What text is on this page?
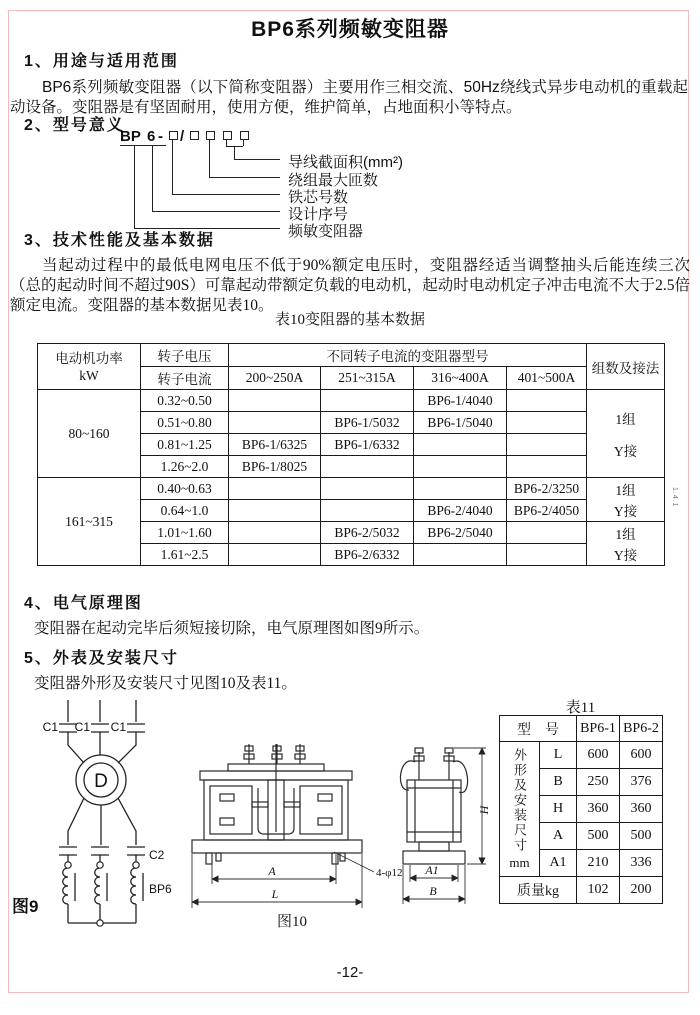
BP6系列频敏变阻器
1、用途与适用范围

BP6系列频敏变阻器（以下简称变阻器）主要用作三相交流、50Hz绕线式异步电动机的重载起动设备。变阻器是有坚固耐用，使用方便，维护简单，占地面积小等特点。

2、型号意义
BP 6 - /
导线截面积(mm²)
绕组最大匝数
铁芯号数
设计序号
频敏变阻器
3、技术性能及基本数据

当起动过程中的最低电网电压不低于90%额定电压时，变阻器经适当调整抽头后能连续三次（总的起动时间不超过90S）可靠起动带额定负载的电动机，起动时电动机定子冲击电流不大于2.5倍额定电流。变阻器的基本数据见表10。

表10变阻器的基本数据
电动机功率
kW	转子电压	不同转子电流的变阻器型号				组数及接法
	转子电流	200~250A	251~315A	316~400A	401~500A	
80~160	0.32~0.50			BP6-1/4040		1组
Y接

	0.51~0.80		BP6-1/5032	BP6-1/5040		
	0.81~1.25	BP6-1/6325	BP6-1/6332			
	1.26~2.0	BP6-1/8025				
161~315	0.40~0.63				BP6-2/3250	1组
Y接

	0.64~1.0			BP6-2/4040	BP6-2/4050	
	1.01~1.60		BP6-2/5032	BP6-2/5040		1组
Y接

	1.61~2.5		BP6-2/6332			
4、电气原理图

变阻器在起动完毕后须短接切除，电气原理图如图9所示。

5、外表及安装尺寸

变阻器外形及安装尺寸见图10及表11。

C1 C1 C1
D
C2
BP6
图9
A
L
A1
B
H
4-φ12
图10
表11
型　号		BP6-1	BP6-2

外形及安装尺寸
mm	L	600	600
	B	250	376
	H	360	360
	A	500	500
	A1	210	336
质量kg		102	200
1.4.1
-12-
